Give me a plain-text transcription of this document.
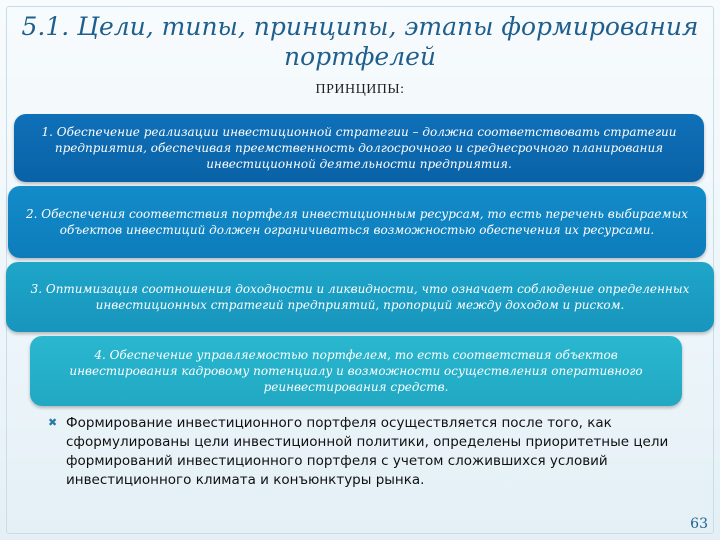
5.1. Цели, типы, принципы, этапы формирования портфелей
ПРИНЦИПЫ:
1. Обеспечение реализации инвестиционной стратегии – должна соответствовать стратегии предприятия, обеспечивая преемственность долгосрочного и среднесрочного планирования инвестиционной деятельности предприятия.
2. Обеспечения соответствия портфеля инвестиционным ресурсам, то есть перечень выбираемых объектов инвестиций должен ограничиваться возможностью обеспечения их ресурсами.
3. Оптимизация соотношения доходности и ликвидности, что означает соблюдение определенных инвестиционных стратегий предприятий, пропорций между доходом и риском.
4. Обеспечение управляемостью портфелем, то есть соответствия объектов инвестирования кадровому потенциалу и возможности осуществления оперативного реинвестирования средств.
✖ Формирование инвестиционного портфеля осуществляется после того, как сформулированы цели инвестиционной политики, определены приоритетные цели формирований инвестиционного портфеля с учетом сложившихся условий инвестиционного климата и конъюнктуры рынка.
63
